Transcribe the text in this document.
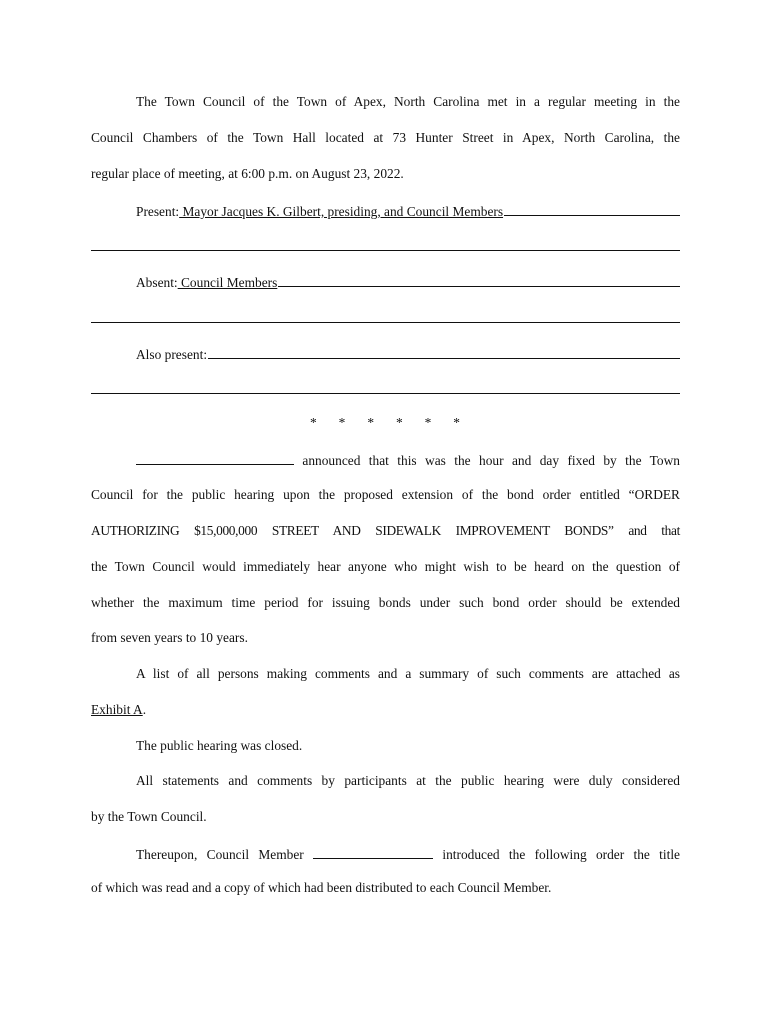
The Town Council of the Town of Apex, North Carolina met in a regular meeting in the
Council Chambers of the Town Hall located at 73 Hunter Street in Apex, North Carolina, the
regular place of meeting, at 6:00 p.m. on August 23, 2022.
Present: Mayor Jacques K. Gilbert, presiding, and Council Members
Absent: Council Members
Also present:
* * * * * *
announced that this was the hour and day fixed by the Town
Council for the public hearing upon the proposed extension of the bond order entitled “ORDER
AUTHORIZING $15,000,000 STREET AND SIDEWALK IMPROVEMENT BONDS” and that
the Town Council would immediately hear anyone who might wish to be heard on the question of
whether the maximum time period for issuing bonds under such bond order should be extended
from seven years to 10 years.
A list of all persons making comments and a summary of such comments are attached as
Exhibit A.
The public hearing was closed.
All statements and comments by participants at the public hearing were duly considered
by the Town Council.
Thereupon, Council Member	introduced the following order the title
of which was read and a copy of which had been distributed to each Council Member.
